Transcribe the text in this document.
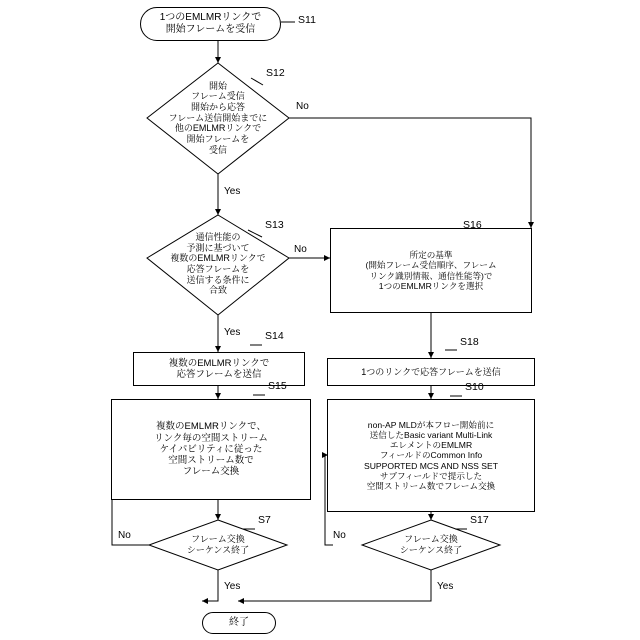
1つのEMLMRリンクで
開始フレームを受信
開始
フレーム受信
開始から応答
フレーム送信開始までに
他のEMLMRリンクで
開始フレームを
受信
通信性能の
予測に基づいて
複数のEMLMRリンクで
応答フレームを
送信する条件に
合致
複数のEMLMRリンクで
応答フレームを送信
複数のEMLMRリンクで、
リンク毎の空間ストリーム
ケイパビリティに従った
空間ストリーム数で
フレーム交換
フレーム交換
シーケンス終了
所定の基準
(開始フレーム受信順序、フレーム
リンク識別情報、通信性能等)で
1つのEMLMRリンクを選択
1つのリンクで応答フレームを送信
non-AP MLDが本フロー開始前に
送信したBasic variant Multi-Link
エレメントのEMLMR
フィールドのCommon Info
SUPPORTED MCS AND NSS SET
サブフィールドで提示した
空間ストリーム数でフレーム交換
フレーム交換
シーケンス終了
終了
S11
S12
S13
S14
S15
S7
S16
S18
S10
S17
No
Yes
No
Yes
No
Yes
No
Yes
